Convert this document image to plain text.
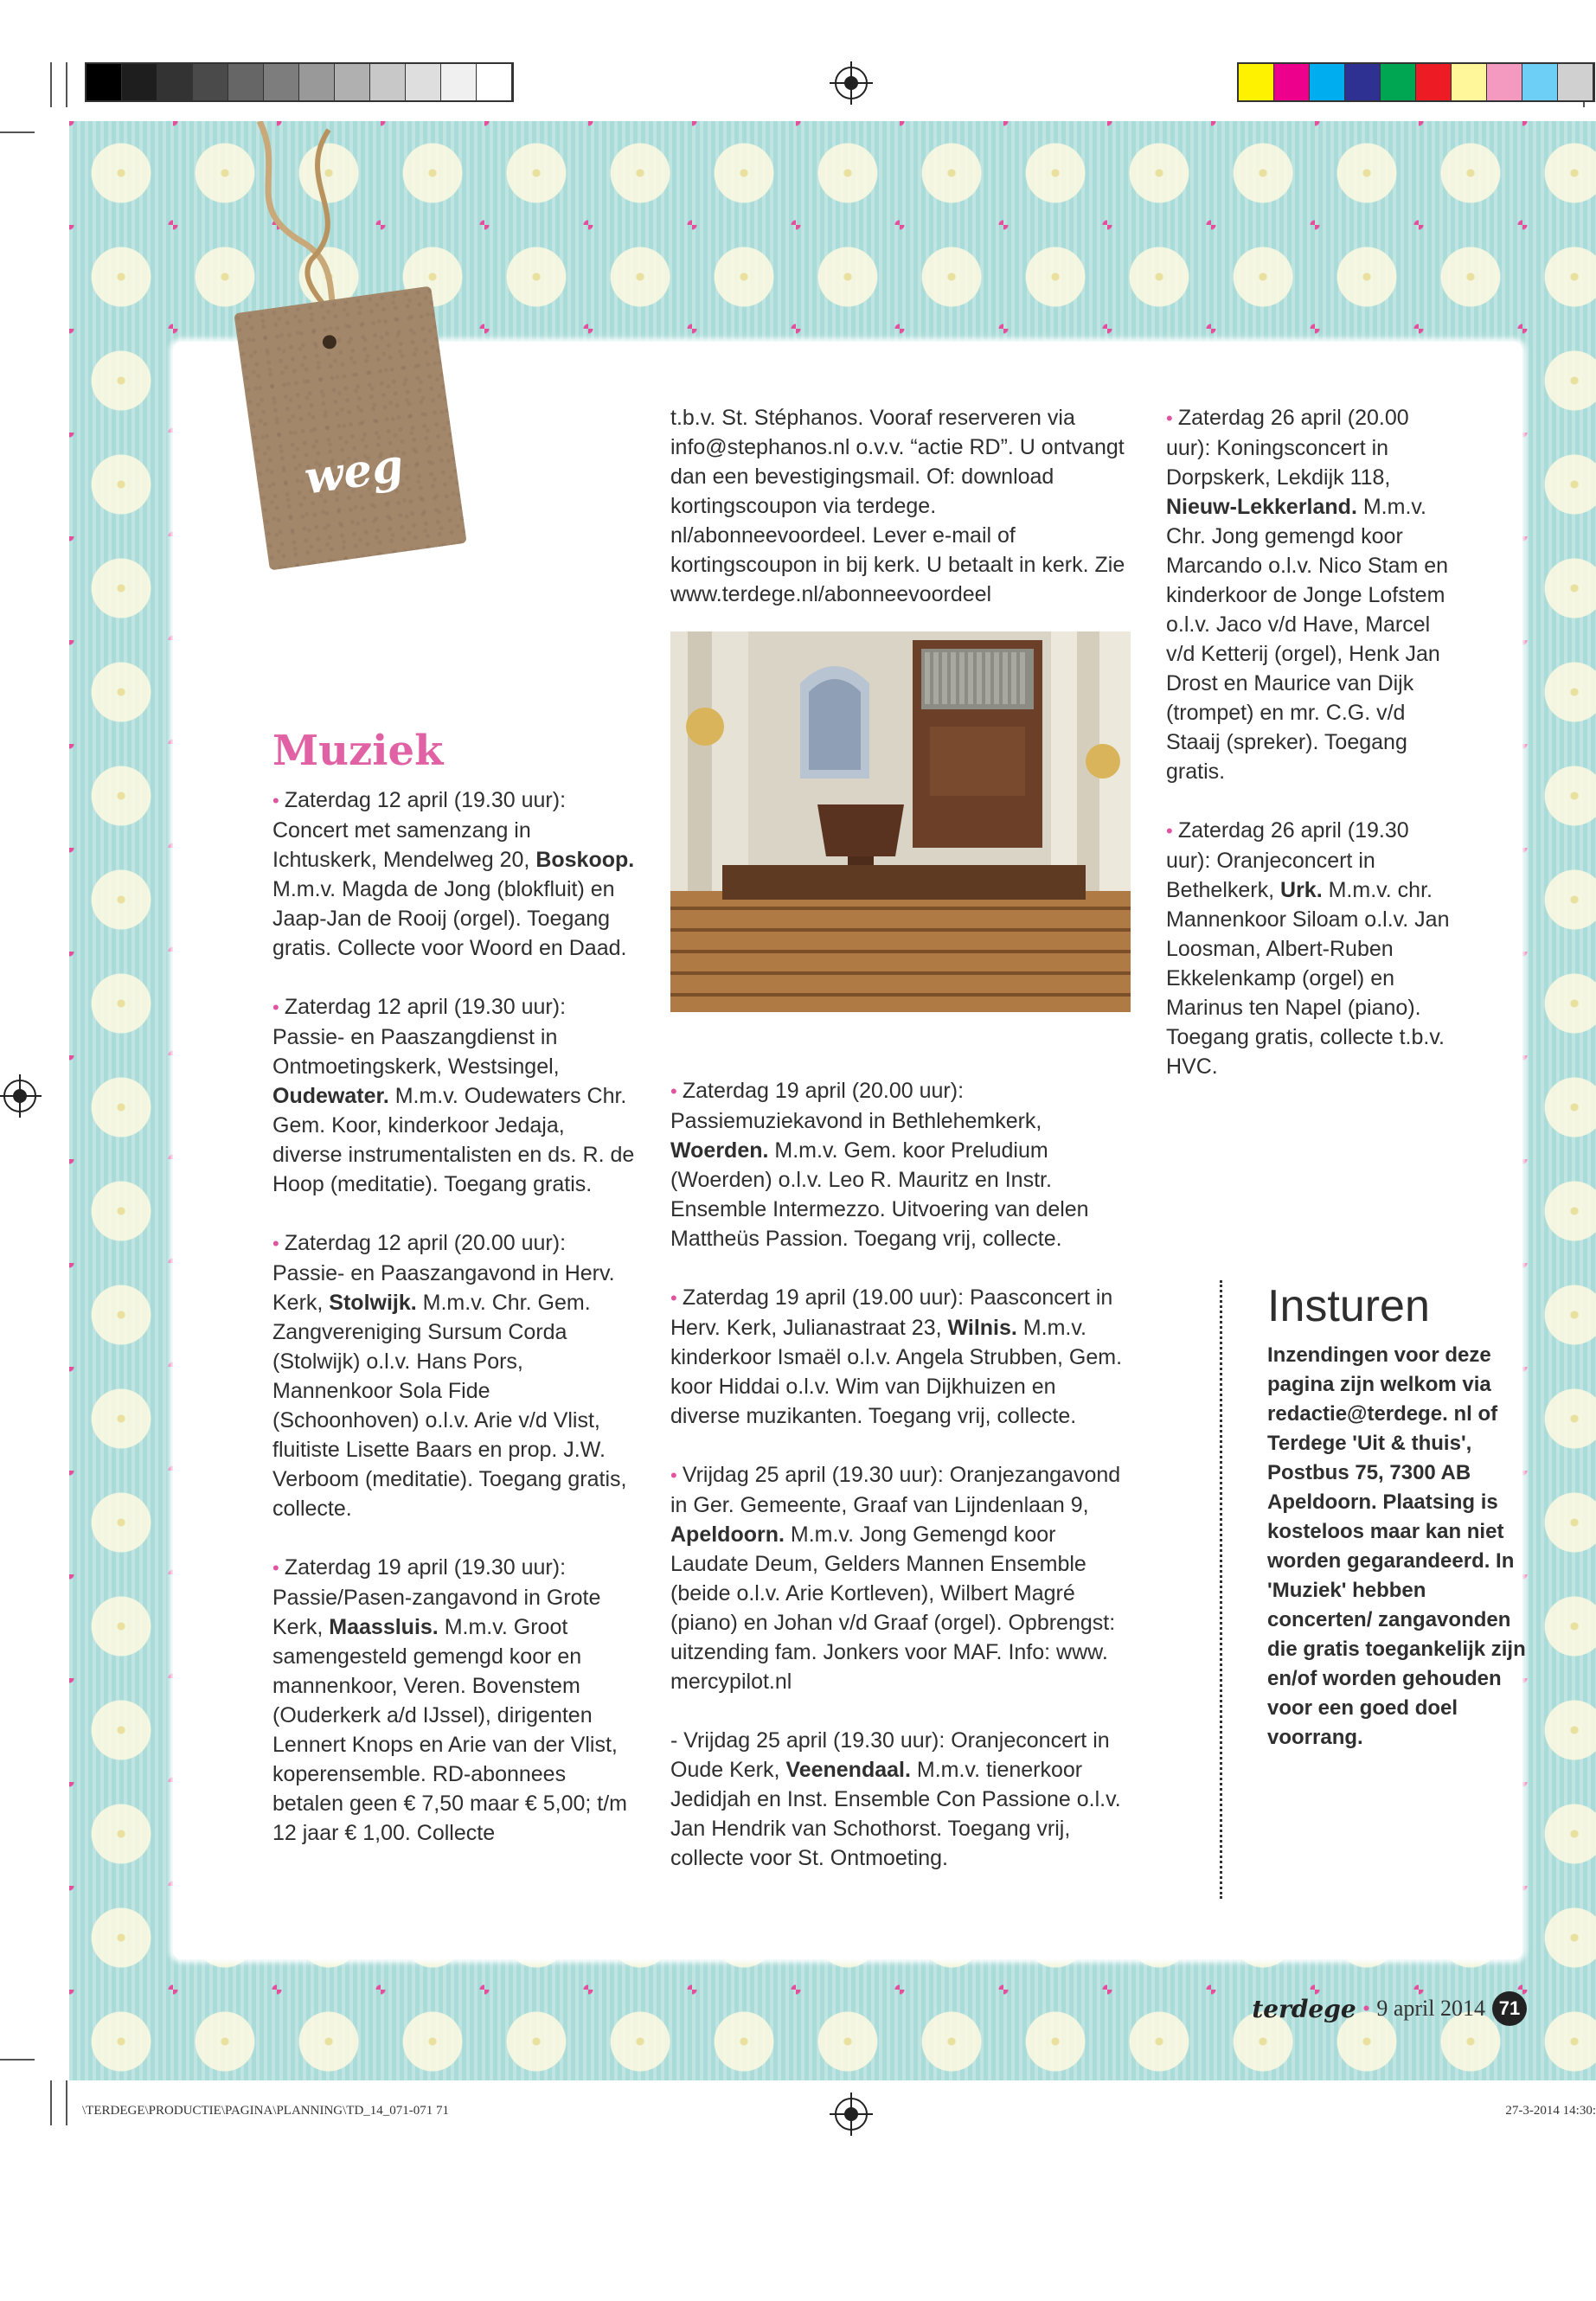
weg
Muziek

• Zaterdag 12 april (19.30 uur): Concert met samenzang in Ichtuskerk, Mendelweg 20, Boskoop. M.m.v. Magda de Jong (blokfluit) en Jaap-Jan de Rooij (orgel). Toegang gratis. Collecte voor Woord en Daad.

• Zaterdag 12 april (19.30 uur): Passie- en Paaszangdienst in Ontmoetingskerk, Westsingel, Oudewater. M.m.v. Oudewaters Chr. Gem. Koor, kinderkoor Jedaja, diverse instrumentalisten en ds. R. de Hoop (meditatie). Toegang gratis.

• Zaterdag 12 april (20.00 uur): Passie- en Paaszangavond in Herv. Kerk, Stolwijk. M.m.v. Chr. Gem. Zangvereniging Sursum Corda (Stolwijk) o.l.v. Hans Pors, Mannenkoor Sola Fide (Schoonhoven) o.l.v. Arie v/d Vlist, fluitiste Lisette Baars en prop. J.W. Verboom (meditatie). Toegang gratis, collecte.

• Zaterdag 19 april (19.30 uur): Passie/Pasen-zangavond in Grote Kerk, Maassluis. M.m.v. Groot samengesteld gemengd koor en mannenkoor, Veren. Bovenstem (Ouderkerk a/d IJssel), dirigenten Lennert Knops en Arie van der Vlist, koperensemble. RD-abonnees betalen geen € 7,50 maar € 5,00; t/m 12 jaar € 1,00. Collecte

t.b.v. St. Stéphanos. Vooraf reserveren via info@stephanos.nl o.v.v. “actie RD”. U ontvangt dan een bevestigingsmail. Of: download kortingscoupon via terdege. nl/abonneevoordeel. Lever e-mail of kortingscoupon in bij kerk. U betaalt in kerk. Zie www.terdege.nl/abonneevoordeel

• Zaterdag 19 april (20.00 uur): Passiemuziekavond in Bethlehemkerk, Woerden. M.m.v. Gem. koor Preludium (Woerden) o.l.v. Leo R. Mauritz en Instr. Ensemble Intermezzo. Uitvoering van delen Mattheüs Passion. Toegang vrij, collecte.

• Zaterdag 19 april (19.00 uur): Paasconcert in Herv. Kerk, Julianastraat 23, Wilnis. M.m.v. kinderkoor Ismaël o.l.v. Angela Strubben, Gem. koor Hiddai o.l.v. Wim van Dijkhuizen en diverse muzikanten. Toegang vrij, collecte.

• Vrijdag 25 april (19.30 uur): Oranjezangavond in Ger. Gemeente, Graaf van Lijndenlaan 9, Apeldoorn. M.m.v. Jong Gemengd koor Laudate Deum, Gelders Mannen Ensemble (beide o.l.v. Arie Kortleven), Wilbert Magré (piano) en Johan v/d Graaf (orgel). Opbrengst: uitzending fam. Jonkers voor MAF. Info: www. mercypilot.nl

- Vrijdag 25 april (19.30 uur): Oranjeconcert in Oude Kerk, Veenendaal. M.m.v. tienerkoor Jedidjah en Inst. Ensemble Con Passione o.l.v. Jan Hendrik van Schothorst. Toegang vrij, collecte voor St. Ontmoeting.

• Zaterdag 26 april (20.00 uur): Koningsconcert in Dorpskerk, Lekdijk 118, Nieuw-Lekkerland. M.m.v. Chr. Jong gemengd koor Marcando o.l.v. Nico Stam en kinderkoor de Jonge Lofstem o.l.v. Jaco v/d Have, Marcel v/d Ketterij (orgel), Henk Jan Drost en Maurice van Dijk (trompet) en mr. C.G. v/d Staaij (spreker). Toegang gratis.

• Zaterdag 26 april (19.30 uur): Oranjeconcert in Bethelkerk, Urk. M.m.v. chr. Mannenkoor Siloam o.l.v. Jan Loosman, Albert-Ruben Ekkelenkamp (orgel) en Marinus ten Napel (piano). Toegang gratis, collecte t.b.v. HVC.

Insturen

Inzendingen voor deze pagina zijn welkom via redactie@terdege. nl of Terdege 'Uit & thuis', Postbus 75, 7300 AB Apeldoorn. Plaatsing is kosteloos maar kan niet worden gegarandeerd. In 'Muziek' hebben concerten/ zangavonden die gratis toegankelijk zijn en/of worden gehouden voor een goed doel voorrang.

terdege • 9 april 2014 71
\TERDEGE\PRODUCTIE\PAGINA\PLANNING\TD_14_071-071 71	27-3-2014 14:30:
